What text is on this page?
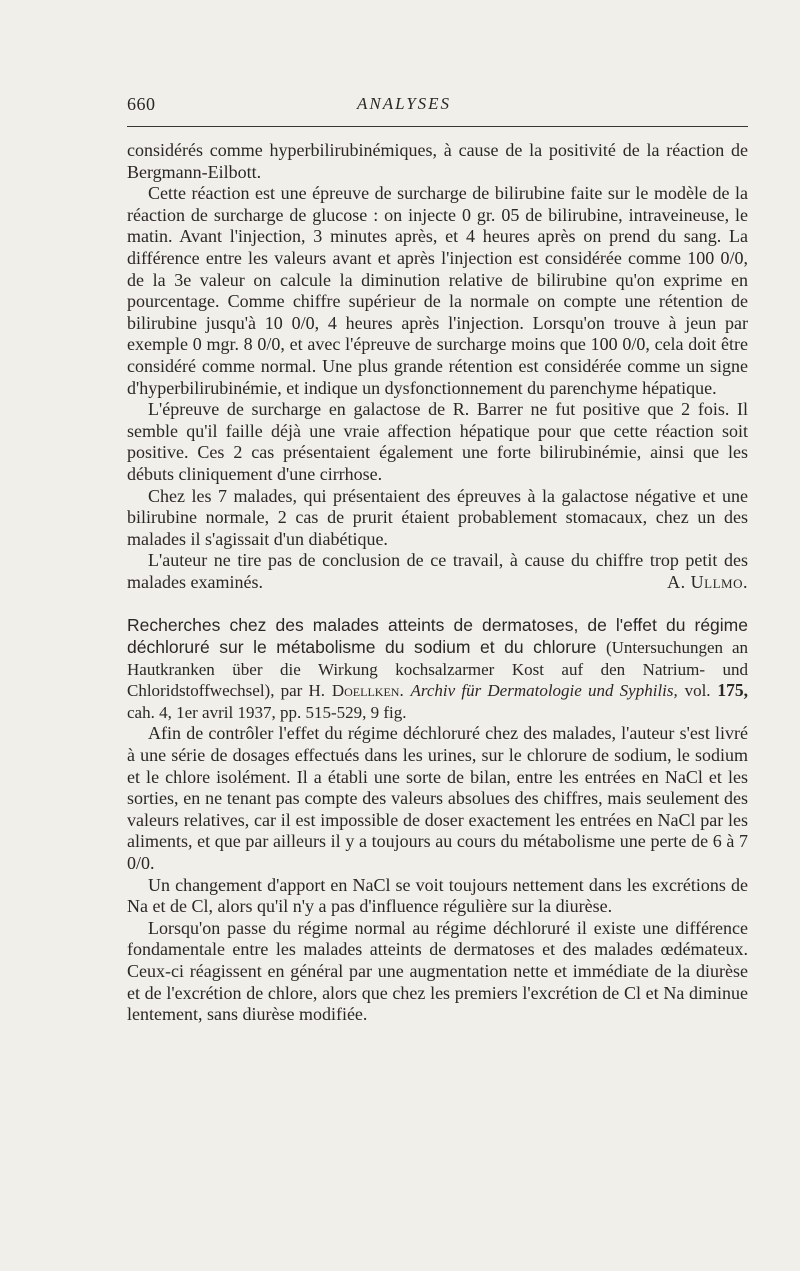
660	ANALYSES

considérés comme hyperbilirubinémiques, à cause de la positivité de la réaction de Bergmann-Eilbott.

Cette réaction est une épreuve de surcharge de bilirubine faite sur le modèle de la réaction de surcharge de glucose : on injecte 0 gr. 05 de bilirubine, intraveineuse, le matin. Avant l'injection, 3 minutes après, et 4 heures après on prend du sang. La différence entre les valeurs avant et après l'injection est considérée comme 100 0/0, de la 3e valeur on calcule la diminution relative de bilirubine qu'on exprime en pourcentage. Comme chiffre supérieur de la normale on compte une rétention de bilirubine jusqu'à 10 0/0, 4 heures après l'injection. Lorsqu'on trouve à jeun par exemple 0 mgr. 8 0/0, et avec l'épreuve de surcharge moins que 100 0/0, cela doit être considéré comme normal. Une plus grande rétention est considérée comme un signe d'hyperbilirubinémie, et indique un dysfonctionnement du parenchyme hépatique.

L'épreuve de surcharge en galactose de R. Barrer ne fut positive que 2 fois. Il semble qu'il faille déjà une vraie affection hépatique pour que cette réaction soit positive. Ces 2 cas présentaient également une forte bilirubinémie, ainsi que les débuts cliniquement d'une cirrhose.

Chez les 7 malades, qui présentaient des épreuves à la galactose négative et une bilirubine normale, 2 cas de prurit étaient probablement stomacaux, chez un des malades il s'agissait d'un diabétique.

L'auteur ne tire pas de conclusion de ce travail, à cause du chiffre trop petit des malades examinés.	A. Ullmo.

Recherches chez des malades atteints de dermatoses, de l'effet du régime déchloruré sur le métabolisme du sodium et du chlorure (Untersuchungen an Hautkranken über die Wirkung kochsalzarmer Kost auf den Natrium- und Chloridstoffwechsel), par H. Doellken. Archiv für Dermatologie und Syphilis, vol. 175, cah. 4, 1er avril 1937, pp. 515-529, 9 fig.

Afin de contrôler l'effet du régime déchloruré chez des malades, l'auteur s'est livré à une série de dosages effectués dans les urines, sur le chlorure de sodium, le sodium et le chlore isolément. Il a établi une sorte de bilan, entre les entrées en NaCl et les sorties, en ne tenant pas compte des valeurs absolues des chiffres, mais seulement des valeurs relatives, car il est impossible de doser exactement les entrées en NaCl par les aliments, et que par ailleurs il y a toujours au cours du métabolisme une perte de 6 à 7 0/0.

Un changement d'apport en NaCl se voit toujours nettement dans les excrétions de Na et de Cl, alors qu'il n'y a pas d'influence régulière sur la diurèse.

Lorsqu'on passe du régime normal au régime déchloruré il existe une différence fondamentale entre les malades atteints de dermatoses et des malades œdémateux. Ceux-ci réagissent en général par une augmentation nette et immédiate de la diurèse et de l'excrétion de chlore, alors que chez les premiers l'excrétion de Cl et Na diminue lentement, sans diurèse modifiée.
